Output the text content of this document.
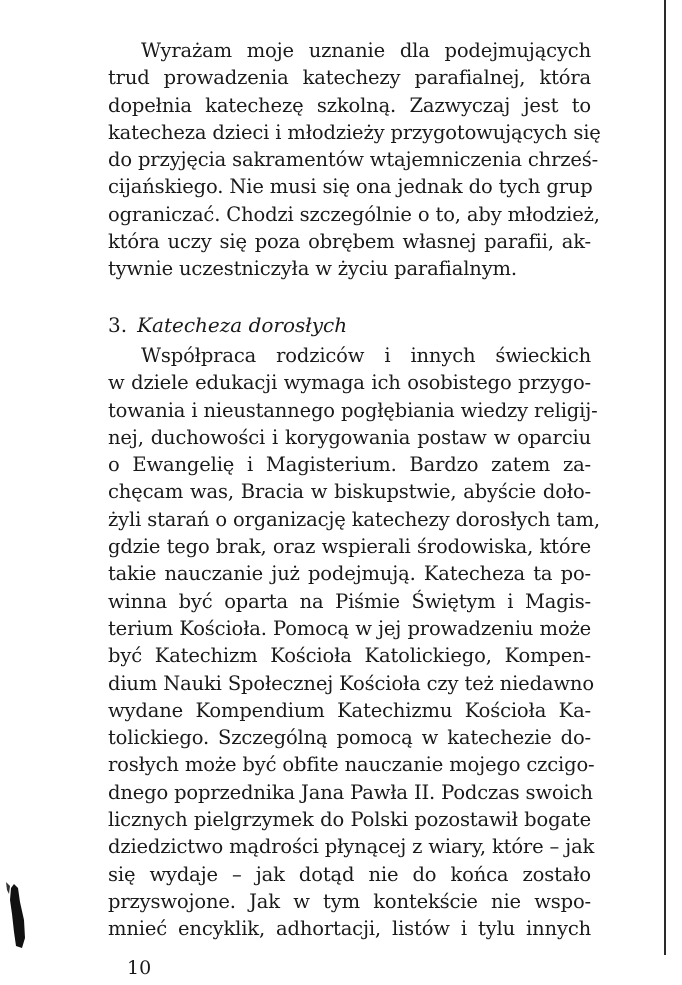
Wyrażam moje uznanie dla podejmujących
trud prowadzenia katechezy parafialnej, która
dopełnia katechezę szkolną. Zazwyczaj jest to
katecheza dzieci i młodzieży przygotowujących się
do przyjęcia sakramentów wtajemniczenia chrześ-
cijańskiego. Nie musi się ona jednak do tych grup
ograniczać. Chodzi szczególnie o to, aby młodzież,
która uczy się poza obrębem własnej parafii, ak-
tywnie uczestniczyła w życiu parafialnym.
3. Katecheza dorosłych
Współpraca rodziców i innych świeckich
w dziele edukacji wymaga ich osobistego przygo-
towania i nieustannego pogłębiania wiedzy religij-
nej, duchowości i korygowania postaw w oparciu
o Ewangelię i Magisterium. Bardzo zatem za-
chęcam was, Bracia w biskupstwie, abyście doło-
żyli starań o organizację katechezy dorosłych tam,
gdzie tego brak, oraz wspierali środowiska, które
takie nauczanie już podejmują. Katecheza ta po-
winna być oparta na Piśmie Świętym i Magis-
terium Kościoła. Pomocą w jej prowadzeniu może
być Katechizm Kościoła Katolickiego, Kompen-
dium Nauki Społecznej Kościoła czy też niedawno
wydane Kompendium Katechizmu Kościoła Ka-
tolickiego. Szczególną pomocą w katechezie do-
rosłych może być obfite nauczanie mojego czcigo-
dnego poprzednika Jana Pawła II. Podczas swoich
licznych pielgrzymek do Polski pozostawił bogate
dziedzictwo mądrości płynącej z wiary, które – jak
się wydaje – jak dotąd nie do końca zostało
przyswojone. Jak w tym kontekście nie wspo-
mnieć encyklik, adhortacji, listów i tylu innych
10
